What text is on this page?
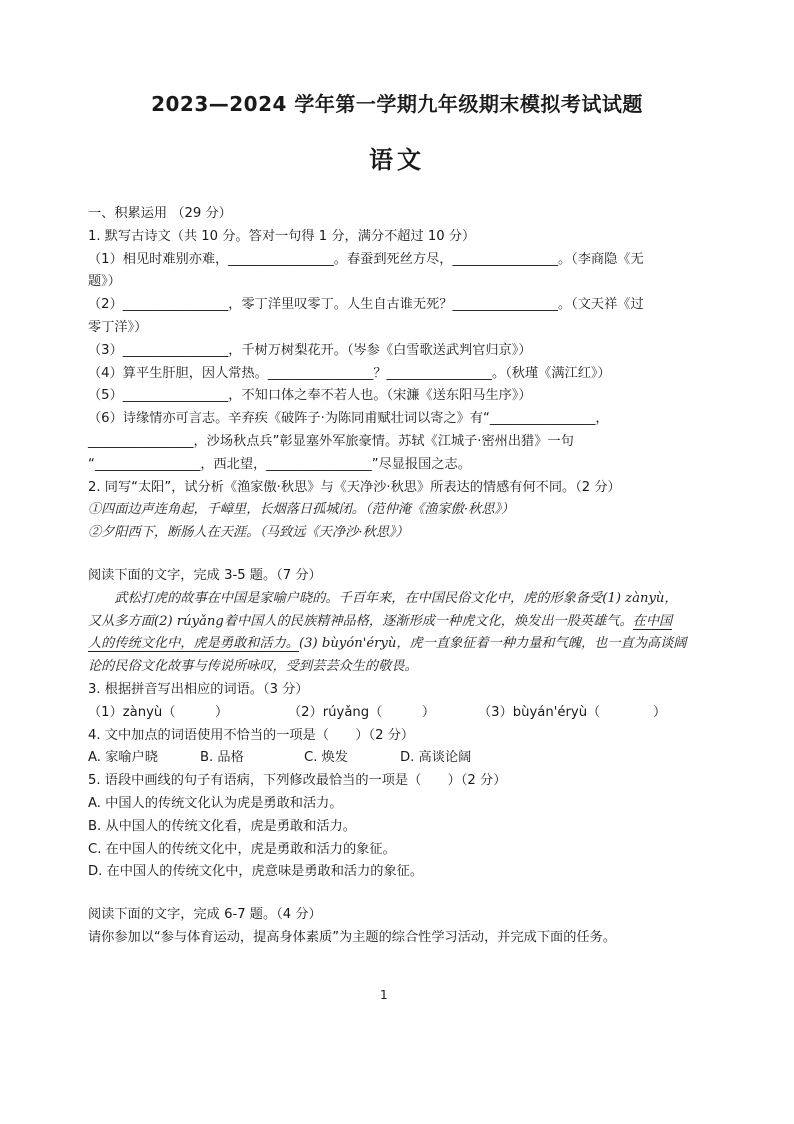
2023—2024 学年第一学期九年级期末模拟考试试题
语文
一、积累运用 （29 分）
1. 默写古诗文（共 10 分。答对一句得 1 分，满分不超过 10 分）
（1）相见时难别亦难，________________。春蚕到死丝方尽，________________。（李商隐《无
题》）
（2）________________，零丁洋里叹零丁。人生自古谁无死？________________。（文天祥《过
零丁洋》）
（3）________________，千树万树梨花开。（岑参《白雪歌送武判官归京》）
（4）算平生肝胆，因人常热。________________？________________。（秋瑾《满江红》）
（5）________________，不知口体之奉不若人也。（宋濂《送东阳马生序》）
（6）诗缘情亦可言志。辛弃疾《破阵子·为陈同甫赋壮词以寄之》有“________________，
________________，沙场秋点兵”彰显塞外军旅豪情。苏轼《江城子·密州出猎》一句
“________________，西北望，________________”尽显报国之志。
2. 同写“太阳”，试分析《渔家傲·秋思》与《天净沙·秋思》所表达的情感有何不同。（2 分）
①四面边声连角起，千嶂里，长烟落日孤城闭。（范仲淹《渔家傲·秋思》）
②夕阳西下，断肠人在天涯。（马致远《天净沙·秋思》）
阅读下面的文字，完成 3-5 题。（7 分）
　　武松打虎的故事在中国是家喻户晓的。千百年来，在中国民俗文化中，虎的形象备受(1) zànyù，
又从多方面(2) rúyǎng着中国人的民族精神品格，逐渐形成一种虎文化，焕发出一股英雄气。在中国
人的传统文化中，虎是勇敢和活力。(3) bùyón'éryù，虎一直象征着一种力量和气魄，也一直为高谈阔
论的民俗文化故事与传说所咏叹，受到芸芸众生的敬畏。
3. 根据拼音写出相应的词语。（3 分）
（1）zànyù（　　　）	（2）rúyǎng（　　　）	（3）bùyán'éryù（　　　　）
4. 文中加点的词语使用不恰当的一项是（　　）（2 分）
A. 家喻户晓	B. 品格	C. 焕发	D. 高谈论阔
5. 语段中画线的句子有语病，下列修改最恰当的一项是（　　）（2 分）
A. 中国人的传统文化认为虎是勇敢和活力。
B. 从中国人的传统文化看，虎是勇敢和活力。
C. 在中国人的传统文化中，虎是勇敢和活力的象征。
D. 在中国人的传统文化中，虎意味是勇敢和活力的象征。
阅读下面的文字，完成 6-7 题。（4 分）
请你参加以“参与体育运动，提高身体素质”为主题的综合性学习活动，并完成下面的任务。
1
